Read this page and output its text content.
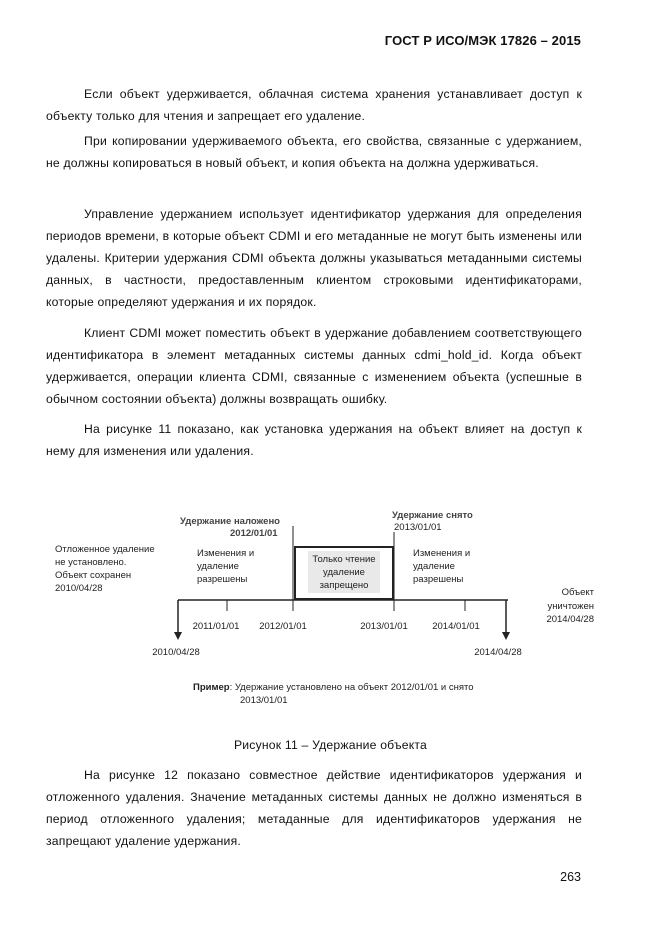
ГОСТ Р ИСО/МЭК 17826 – 2015

Если объект удерживается, облачная система хранения устанавливает доступ к объекту только для чтения и запрещает его удаление.

При копировании удерживаемого объекта, его свойства, связанные с удержанием, не должны копироваться в новый объект, и копия объекта на должна удерживаться.

Управление удержанием использует идентификатор удержания для определения периодов времени, в которые объект CDMI и его метаданные не могут быть изменены или удалены. Критерии удержания CDMI объекта должны указываться метаданными системы данных, в частности, предоставленным клиентом строковыми идентификаторами, которые определяют удержания и их порядок.

Клиент CDMI может поместить объект в удержание добавлением соответствующего идентификатора в элемент метаданных системы данных cdmi_hold_id. Когда объект удерживается, операции клиента CDMI, связанные с изменением объекта (успешные в обычном состоянии объекта) должны возвращать ошибку.

На рисунке 11 показано, как установка удержания на объект влияет на доступ к нему для изменения или удаления.

Удержание наложено
2012/01/01
Удержание снято
2013/01/01
Отложенное удаление
не установлено.
Объект сохранен
2010/04/28
Изменения и
удаление
разрешены
Только чтение
удаление
запрещено
Изменения и
удаление
разрешены
Объект
уничтожен
2014/04/28
2011/01/01 2012/01/01	2013/01/01	2014/01/01
2010/04/28	2014/04/28
Пример: Удержание установлено на объект 2012/01/01 и снято
2013/01/01
Рисунок 11 – Удержание объекта

На рисунке 12 показано совместное действие идентификаторов удержания и отложенного удаления. Значение метаданных системы данных не должно изменяться в период отложенного удаления; метаданные для идентификаторов удержания не запрещают удаление удержания.

263
